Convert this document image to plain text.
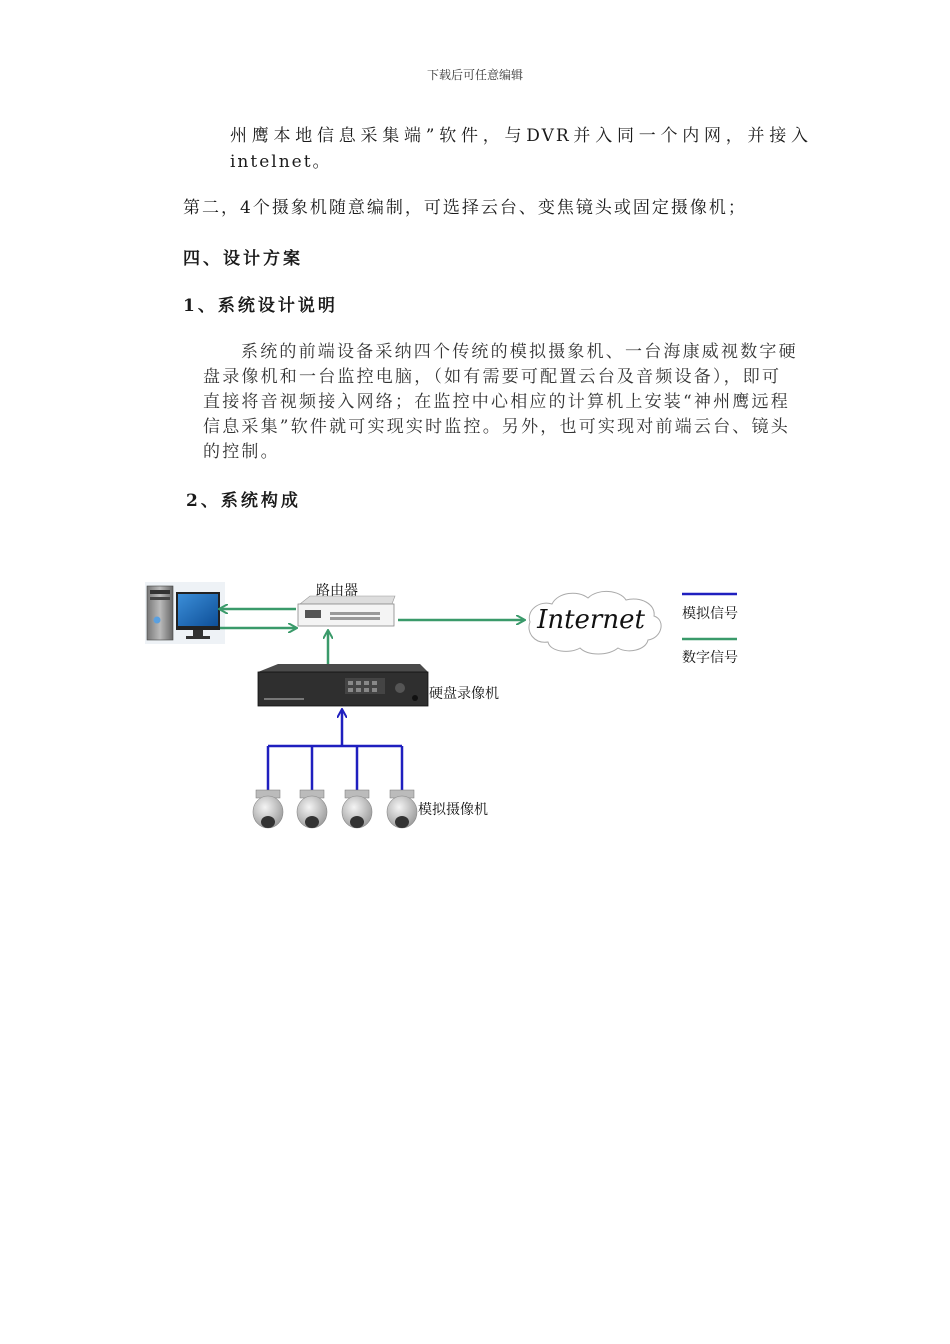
下载后可任意编辑
州鹰本地信息采集端”软件，与DVR并入同一个内网，并接入
intelnet。
第二，4个摄象机随意编制，可选择云台、变焦镜头或固定摄像机；
四、设计方案
1、系统设计说明
系统的前端设备采纳四个传统的模拟摄象机、一台海康威视数字硬
盘录像机和一台监控电脑，（如有需要可配置云台及音频设备），即可
直接将音视频接入网络；在监控中心相应的计算机上安装“神州鹰远程
信息采集”软件就可实现实时监控。另外，也可实现对前端云台、镜头
的控制。
2、系统构成
路由器
Internet
硬盘录像机
模拟摄像机
模拟信号
数字信号
